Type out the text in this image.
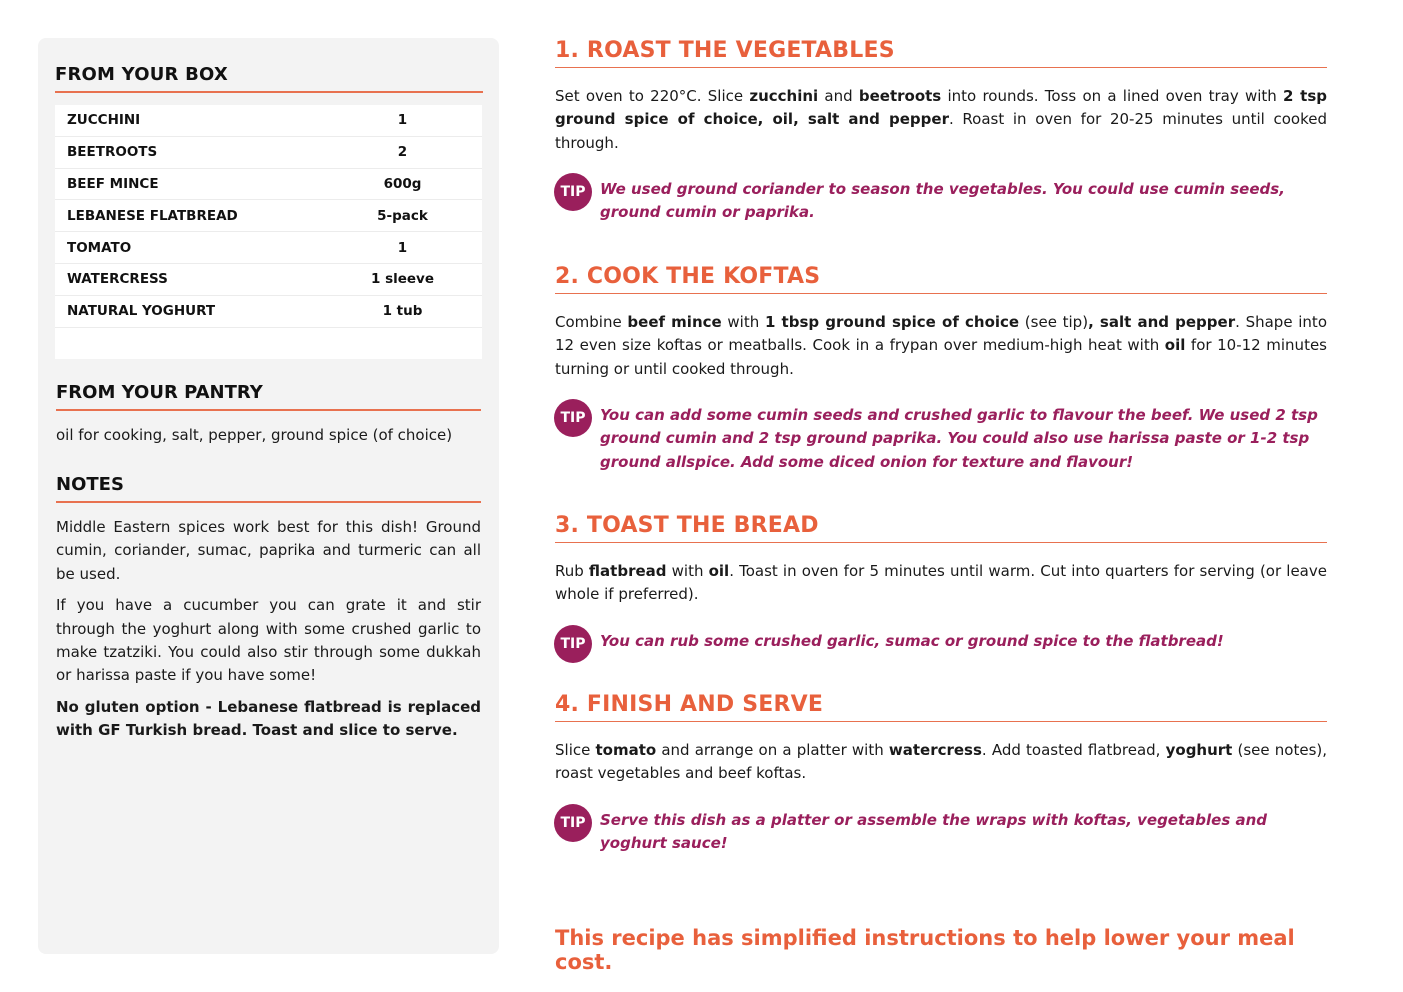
FROM YOUR BOX
ZUCCHINI	1
BEETROOTS	2
BEEF MINCE	600g
LEBANESE FLATBREAD	5-pack
TOMATO	1
WATERCRESS	1 sleeve
NATURAL YOGHURT	1 tub
FROM YOUR PANTRY
oil for cooking, salt, pepper, ground spice (of choice)
NOTES

Middle Eastern spices work best for this dish! Ground cumin, coriander, sumac, paprika and turmeric can all be used.

If you have a cucumber you can grate it and stir through the yoghurt along with some crushed garlic to make tzatziki. You could also stir through some dukkah or harissa paste if you have some!

No gluten option - Lebanese flatbread is replaced with GF Turkish bread. Toast and slice to serve.

1. ROAST THE VEGETABLES
Set oven to 220°C. Slice zucchini and beetroots into rounds. Toss on a lined oven tray with 2 tsp ground spice of choice, oil, salt and pepper. Roast in oven for 20-25 minutes until cooked through.
TIP We used ground coriander to season the vegetables. You could use cumin seeds, ground cumin or paprika.
2. COOK THE KOFTAS
Combine beef mince with 1 tbsp ground spice of choice (see tip), salt and pepper. Shape into 12 even size koftas or meatballs. Cook in a frypan over medium-high heat with oil for 10-12 minutes turning or until cooked through.
TIP You can add some cumin seeds and crushed garlic to flavour the beef. We used 2 tsp ground cumin and 2 tsp ground paprika. You could also use harissa paste or 1-2 tsp ground allspice. Add some diced onion for texture and flavour!
3. TOAST THE BREAD
Rub flatbread with oil. Toast in oven for 5 minutes until warm. Cut into quarters for serving (or leave whole if preferred).
TIP You can rub some crushed garlic, sumac or ground spice to the flatbread!
4. FINISH AND SERVE
Slice tomato and arrange on a platter with watercress. Add toasted flatbread, yoghurt (see notes), roast vegetables and beef koftas.
TIP Serve this dish as a platter or assemble the wraps with koftas, vegetables and yoghurt sauce!
This recipe has simplified instructions to help lower your meal cost.
